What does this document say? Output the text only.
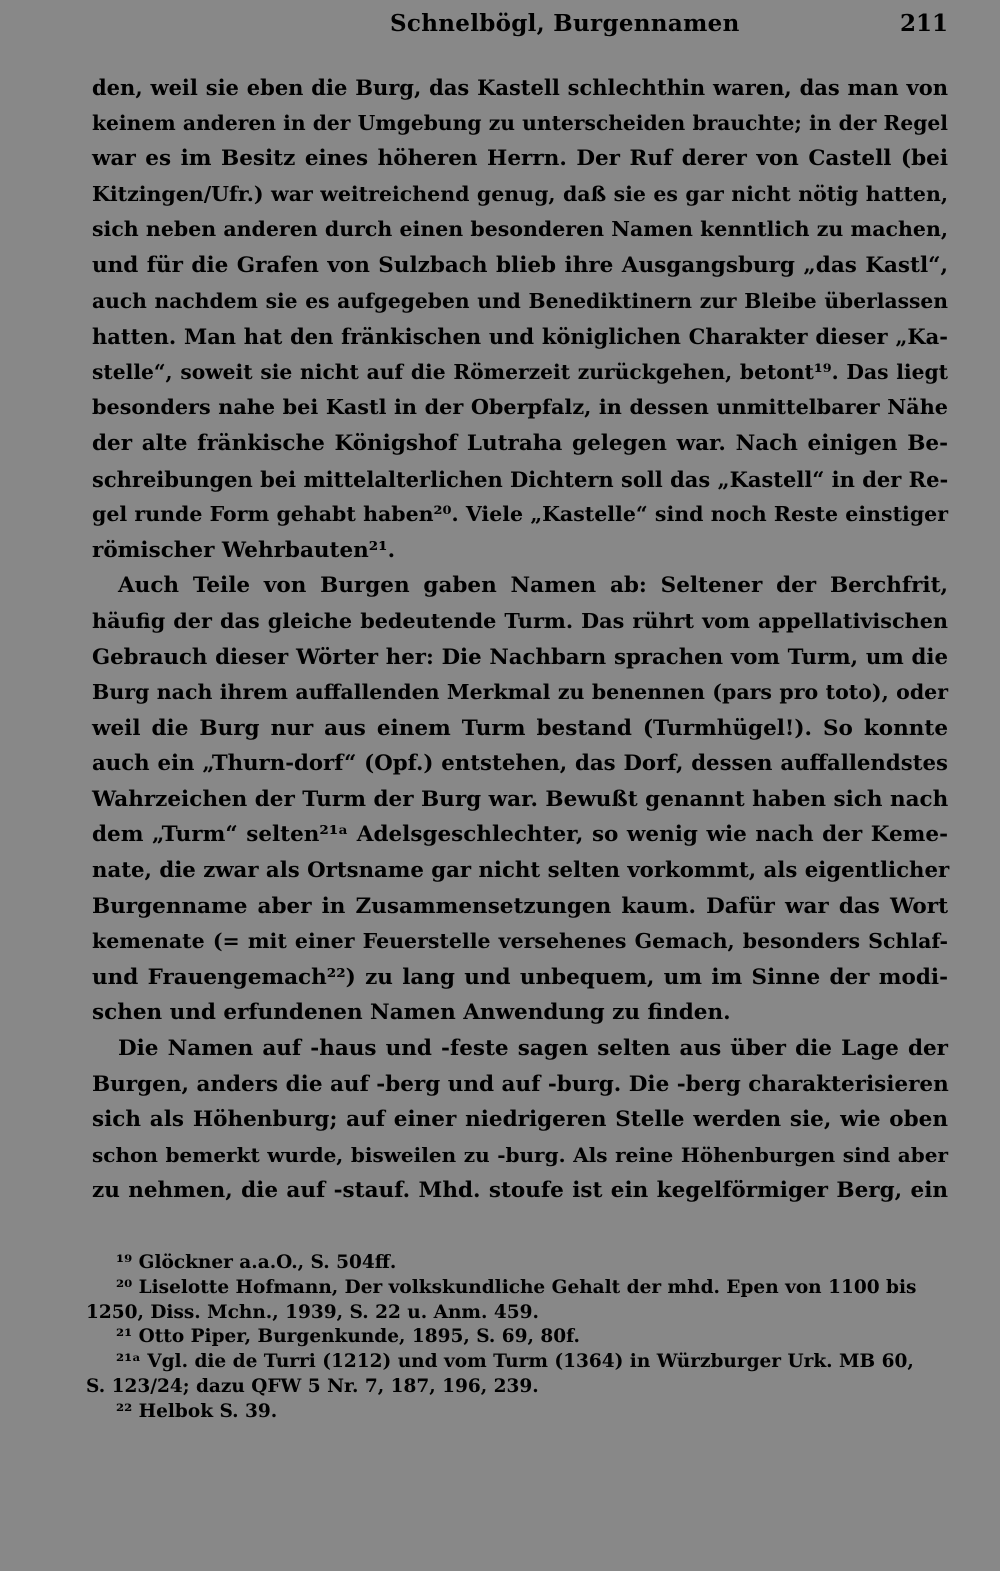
Schnelbögl, Burgennamen	211
den, weil sie eben die Burg, das Kastell schlechthin waren, das man von
keinem anderen in der Umgebung zu unterscheiden brauchte; in der Regel
war es im Besitz eines höheren Herrn. Der Ruf derer von Castell (bei
Kitzingen/Ufr.) war weitreichend genug, daß sie es gar nicht nötig hatten,
sich neben anderen durch einen besonderen Namen kenntlich zu machen,
und für die Grafen von Sulzbach blieb ihre Ausgangsburg „das Kastl“,
auch nachdem sie es aufgegeben und Benediktinern zur Bleibe überlassen
hatten. Man hat den fränkischen und königlichen Charakter dieser „Ka-
stelle“, soweit sie nicht auf die Römerzeit zurückgehen, betont¹⁹. Das liegt
besonders nahe bei Kastl in der Oberpfalz, in dessen unmittelbarer Nähe
der alte fränkische Königshof Lutraha gelegen war. Nach einigen Be-
schreibungen bei mittelalterlichen Dichtern soll das „Kastell“ in der Re-
gel runde Form gehabt haben²⁰. Viele „Kastelle“ sind noch Reste einstiger
römischer Wehrbauten²¹.
Auch Teile von Burgen gaben Namen ab: Seltener der Berchfrit,
häufig der das gleiche bedeutende Turm. Das rührt vom appellativischen
Gebrauch dieser Wörter her: Die Nachbarn sprachen vom Turm, um die
Burg nach ihrem auffallenden Merkmal zu benennen (pars pro toto), oder
weil die Burg nur aus einem Turm bestand (Turmhügel!). So konnte
auch ein „Thurn-dorf“ (Opf.) entstehen, das Dorf, dessen auffallendstes
Wahrzeichen der Turm der Burg war. Bewußt genannt haben sich nach
dem „Turm“ selten²¹ᵃ Adelsgeschlechter, so wenig wie nach der Keme-
nate, die zwar als Ortsname gar nicht selten vorkommt, als eigentlicher
Burgenname aber in Zusammensetzungen kaum. Dafür war das Wort
kemenate (= mit einer Feuerstelle versehenes Gemach, besonders Schlaf-
und Frauengemach²²) zu lang und unbequem, um im Sinne der modi-
schen und erfundenen Namen Anwendung zu finden.
Die Namen auf -haus und -feste sagen selten aus über die Lage der
Burgen, anders die auf -berg und auf -burg. Die -berg charakterisieren
sich als Höhenburg; auf einer niedrigeren Stelle werden sie, wie oben
schon bemerkt wurde, bisweilen zu -burg. Als reine Höhenburgen sind aber
zu nehmen, die auf -stauf. Mhd. stoufe ist ein kegelförmiger Berg, ein
¹⁹ Glöckner a.a.O., S. 504ff.
²⁰ Liselotte Hofmann, Der volkskundliche Gehalt der mhd. Epen von 1100 bis
1250, Diss. Mchn., 1939, S. 22 u. Anm. 459.
²¹ Otto Piper, Burgenkunde, 1895, S. 69, 80f.
²¹ᵃ Vgl. die de Turri (1212) und vom Turm (1364) in Würzburger Urk. MB 60,
S. 123/24; dazu QFW 5 Nr. 7, 187, 196, 239.
²² Helbok S. 39.
